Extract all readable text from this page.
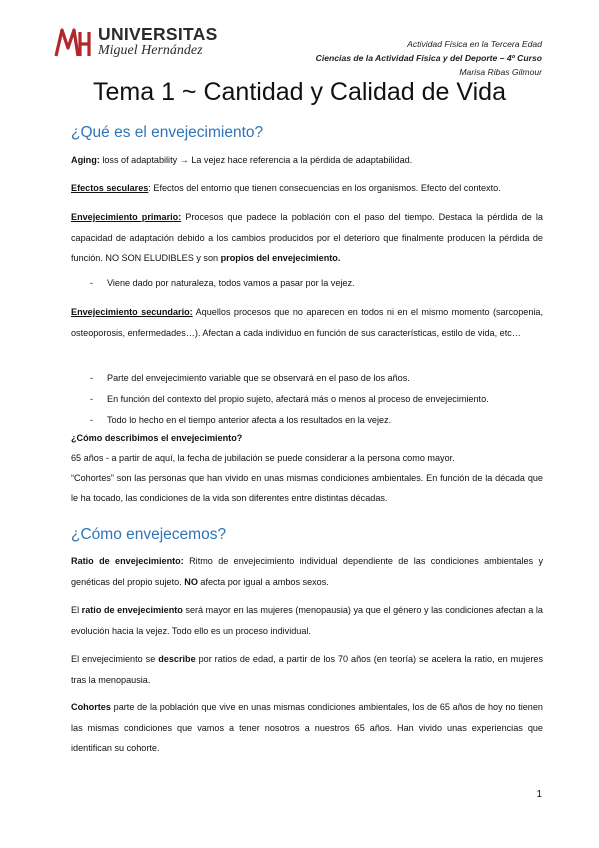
UNIVERSITAS
Miguel Hernández	Actividad Física en la Tercera Edad
Ciencias de la Actividad Física y del Deporte – 4º Curso
Marisa Ribas Gilmour
Tema 1 ~ Cantidad y Calidad de Vida
¿Qué es el envejecimiento?

Aging: loss of adaptability → La vejez hace referencia a la pérdida de adaptabilidad.

Efectos seculares: Efectos del entorno que tienen consecuencias en los organismos. Efecto del contexto.

Envejecimiento primario: Procesos que padece la población con el paso del tiempo. Destaca la pérdida de la capacidad de adaptación debido a los cambios producidos por el deterioro que finalmente producen la pérdida de función. NO SON ELUDIBLES y son propios del envejecimiento.

- Viene dado por naturaleza, todos vamos a pasar por la vejez.

Envejecimiento secundario: Aquellos procesos que no aparecen en todos ni en el mismo momento (sarcopenia, osteoporosis, enfermedades…). Afectan a cada individuo en función de sus características, estilo de vida, etc…

- Parte del envejecimiento variable que se observará en el paso de los años.
- En función del contexto del propio sujeto, afectará más o menos al proceso de envejecimiento.
- Todo lo hecho en el tiempo anterior afecta a los resultados en la vejez.

¿Cómo describimos el envejecimiento?

65 años - a partir de aquí, la fecha de jubilación se puede considerar a la persona como mayor.

“Cohortes” son las personas que han vivido en unas mismas condiciones ambientales. En función de la década que le ha tocado, las condiciones de la vida son diferentes entre distintas décadas.

¿Cómo envejecemos?

Ratio de envejecimiento: Ritmo de envejecimiento individual dependiente de las condiciones ambientales y genéticas del propio sujeto. NO afecta por igual a ambos sexos.

El ratio de envejecimiento será mayor en las mujeres (menopausia) ya que el género y las condiciones afectan a la evolución hacia la vejez. Todo ello es un proceso individual.

El envejecimiento se describe por ratios de edad, a partir de los 70 años (en teoría) se acelera la ratio, en mujeres tras la menopausia.

Cohortes parte de la población que vive en unas mismas condiciones ambientales, los de 65 años de hoy no tienen las mismas condiciones que vamos a tener nosotros a nuestros 65 años. Han vivido unas experiencias que identifican su cohorte.

1
